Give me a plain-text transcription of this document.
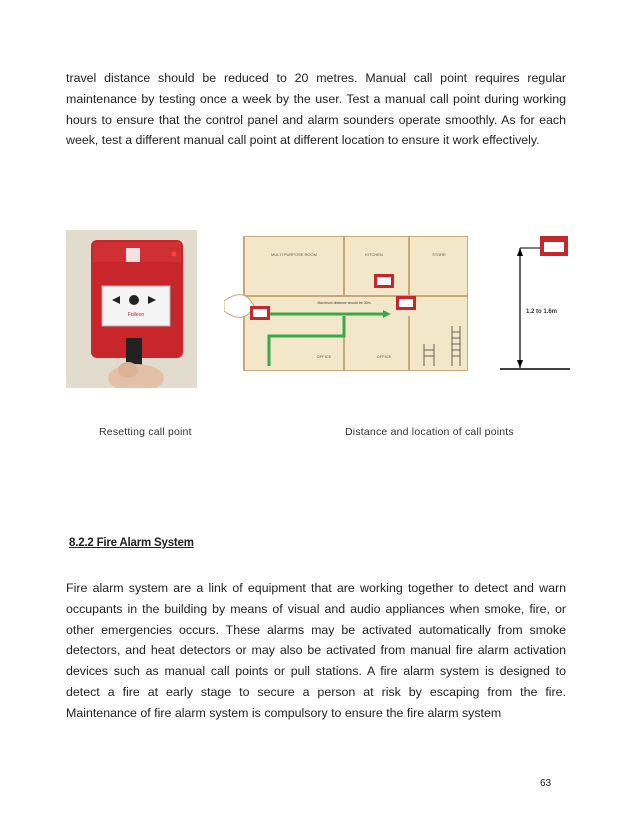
travel distance should be reduced to 20 metres. Manual call point requires regular maintenance by testing once a week by the user. Test a manual call point during working hours to ensure that the control panel and alarm sounders operate smoothly. As for each week, test a different manual call point at different location to ensure it work effectively.

Fulleon
MULTI PURPOSE ROOM	KITCHEN	STORE
OFFICE	OFFICE
Maximum distance should be 30m
1.2 to 1.6m
Resetting call point	Distance and location of call points

8.2.2 Fire Alarm System

Fire alarm system are a link of equipment that are working together to detect and warn occupants in the building by means of visual and audio appliances when smoke, fire, or other emergencies occurs. These alarms may be activated automatically from smoke detectors, and heat detectors or may also be activated from manual fire alarm activation devices such as manual call points or pull stations. A fire alarm system is designed to detect a fire at early stage to secure a person at risk by escaping from the fire. Maintenance of fire alarm system is compulsory to ensure the fire alarm system

63
